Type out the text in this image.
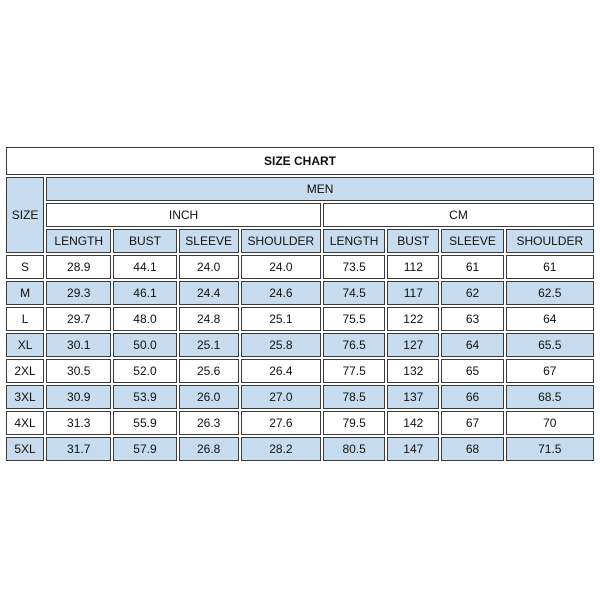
SIZE CHART								
SIZE	MEN							
	INCH				CM			
	LENGTH	BUST	SLEEVE	SHOULDER	LENGTH	BUST	SLEEVE	SHOULDER
S	28.9	44.1	24.0	24.0	73.5	112	61	61
M	29.3	46.1	24.4	24.6	74.5	117	62	62.5
L	29.7	48.0	24.8	25.1	75.5	122	63	64
XL	30.1	50.0	25.1	25.8	76.5	127	64	65.5
2XL	30.5	52.0	25.6	26.4	77.5	132	65	67
3XL	30.9	53.9	26.0	27.0	78.5	137	66	68.5
4XL	31.3	55.9	26.3	27.6	79.5	142	67	70
5XL	31.7	57.9	26.8	28.2	80.5	147	68	71.5
